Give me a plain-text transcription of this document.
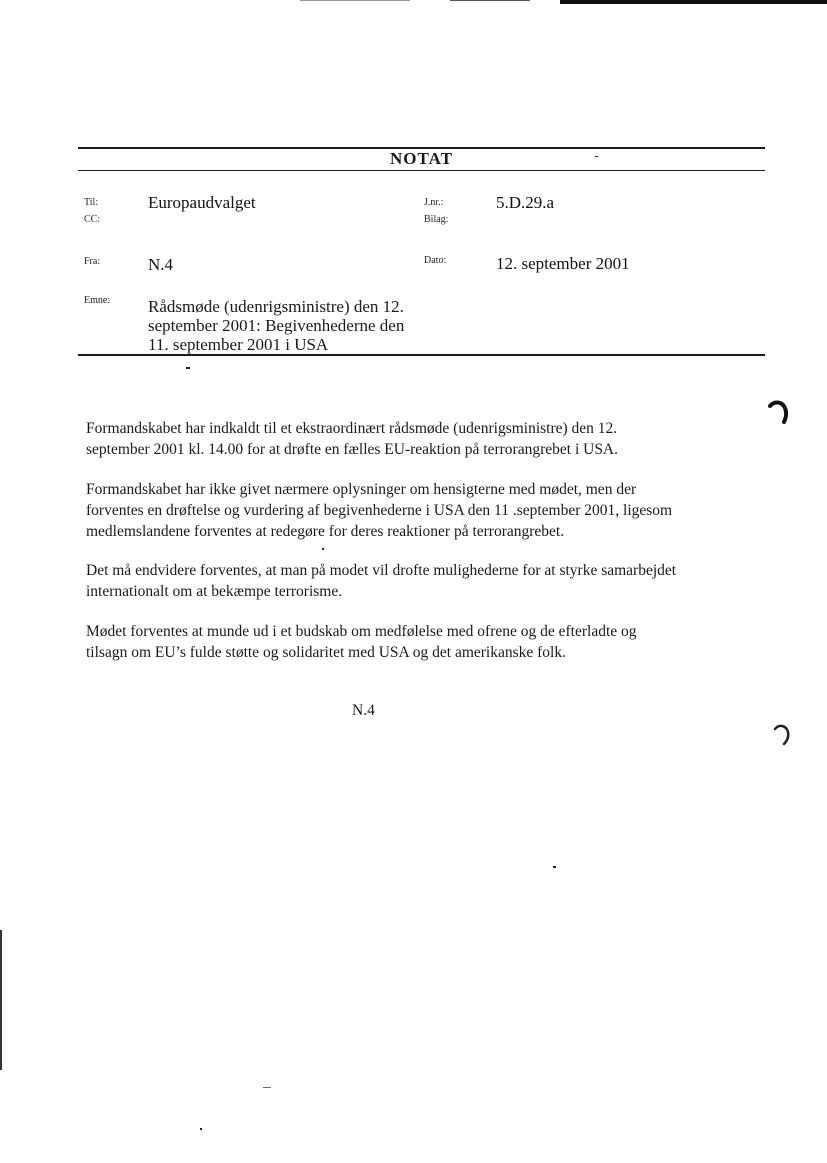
NOTAT
Til:	Europaudvalget
CC:
J.nr.:	5.D.29.a
Bilag:
Fra:	N.4	Dato:	12. september 2001
Emne: Rådsmøde (udenrigsministre) den 12.
september 2001: Begivenhederne den
11. september 2001 i USA
Formandskabet har indkaldt til et ekstraordinært rådsmøde (udenrigsministre) den 12.
september 2001 kl. 14.00 for at drøfte en fælles EU-reaktion på terrorangrebet i USA.
Formandskabet har ikke givet nærmere oplysninger om hensigterne med mødet, men der
forventes en drøftelse og vurdering af begivenhederne i USA den 11 .september 2001, ligesom
medlemslandene forventes at redegøre for deres reaktioner på terrorangrebet.
Det må endvidere forventes, at man på modet vil drofte mulighederne for at styrke samarbejdet
internationalt om at bekæmpe terrorisme.
Mødet forventes at munde ud i et budskab om medfølelse med ofrene og de efterladte og
tilsagn om EU’s fulde støtte og solidaritet med USA og det amerikanske folk.
N.4
